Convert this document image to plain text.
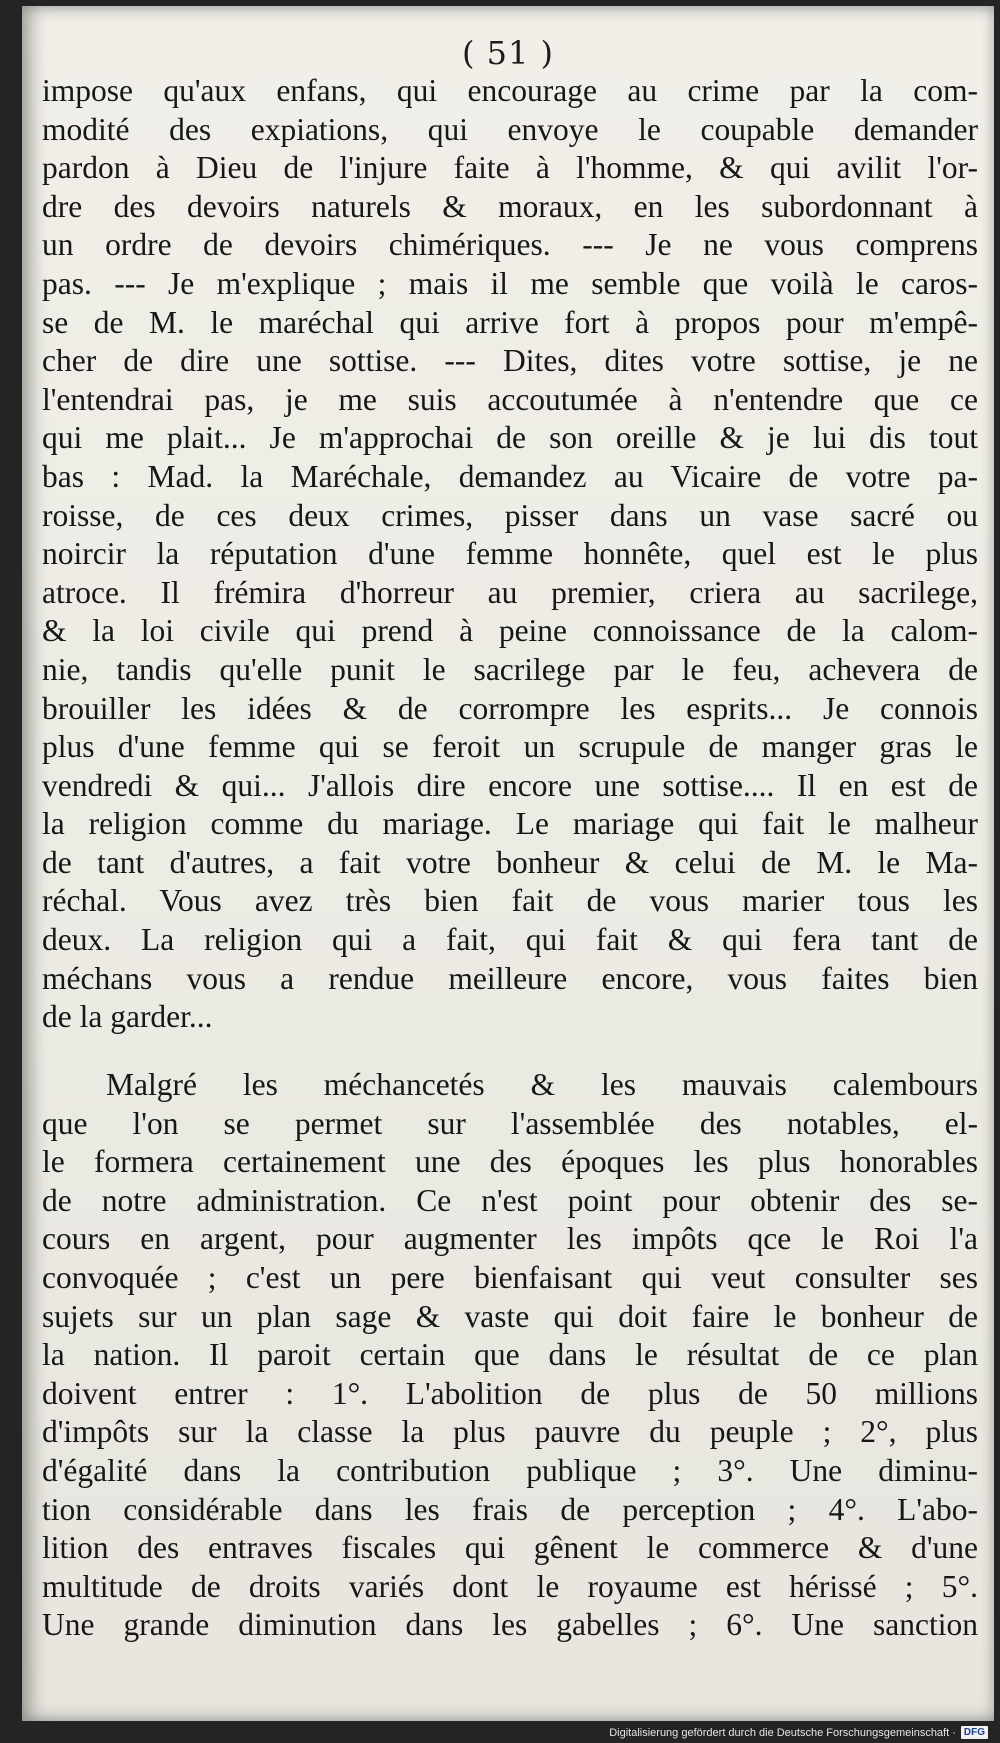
( 51 )
impose qu'aux enfans, qui encourage au crime par la com-
modité des expiations, qui envoye le coupable demander
pardon à Dieu de l'injure faite à l'homme, & qui avilit l'or-
dre des devoirs naturels & moraux, en les subordonnant à
un ordre de devoirs chimériques. --- Je ne vous comprens
pas. --- Je m'explique ; mais il me semble que voilà le caros-
se de M. le maréchal qui arrive fort à propos pour m'empê-
cher de dire une sottise. --- Dites, dites votre sottise, je ne
l'entendrai pas, je me suis accoutumée à n'entendre que ce
qui me plait... Je m'approchai de son oreille & je lui dis tout
bas : Mad. la Maréchale, demandez au Vicaire de votre pa-
roisse, de ces deux crimes, pisser dans un vase sacré ou
noircir la réputation d'une femme honnête, quel est le plus
atroce. Il frémira d'horreur au premier, criera au sacrilege,
& la loi civile qui prend à peine connoissance de la calom-
nie, tandis qu'elle punit le sacrilege par le feu, achevera de
brouiller les idées & de corrompre les esprits... Je connois
plus d'une femme qui se feroit un scrupule de manger gras le
vendredi & qui... J'allois dire encore une sottise.... Il en est de
la religion comme du mariage. Le mariage qui fait le malheur
de tant d'autres, a fait votre bonheur & celui de M. le Ma-
réchal. Vous avez très bien fait de vous marier tous les
deux. La religion qui a fait, qui fait & qui fera tant de
méchans vous a rendue meilleure encore, vous faites bien
de la garder...
Malgré les méchancetés & les mauvais calembours
que l'on se permet sur l'assemblée des notables, el-
le formera certainement une des époques les plus honorables
de notre administration. Ce n'est point pour obtenir des se-
cours en argent, pour augmenter les impôts qce le Roi l'a
convoquée ; c'est un pere bienfaisant qui veut consulter ses
sujets sur un plan sage & vaste qui doit faire le bonheur de
la nation. Il paroit certain que dans le résultat de ce plan
doivent entrer : 1°. L'abolition de plus de 50 millions
d'impôts sur la classe la plus pauvre du peuple ; 2°, plus
d'égalité dans la contribution publique ; 3°. Une diminu-
tion considérable dans les frais de perception ; 4°. L'abo-
lition des entraves fiscales qui gênent le commerce & d'une
multitude de droits variés dont le royaume est hérissé ; 5°.
Une grande diminution dans les gabelles ; 6°. Une sanction
Digitalisierung gefördert durch die Deutsche Forschungsgemeinschaft · DFG
